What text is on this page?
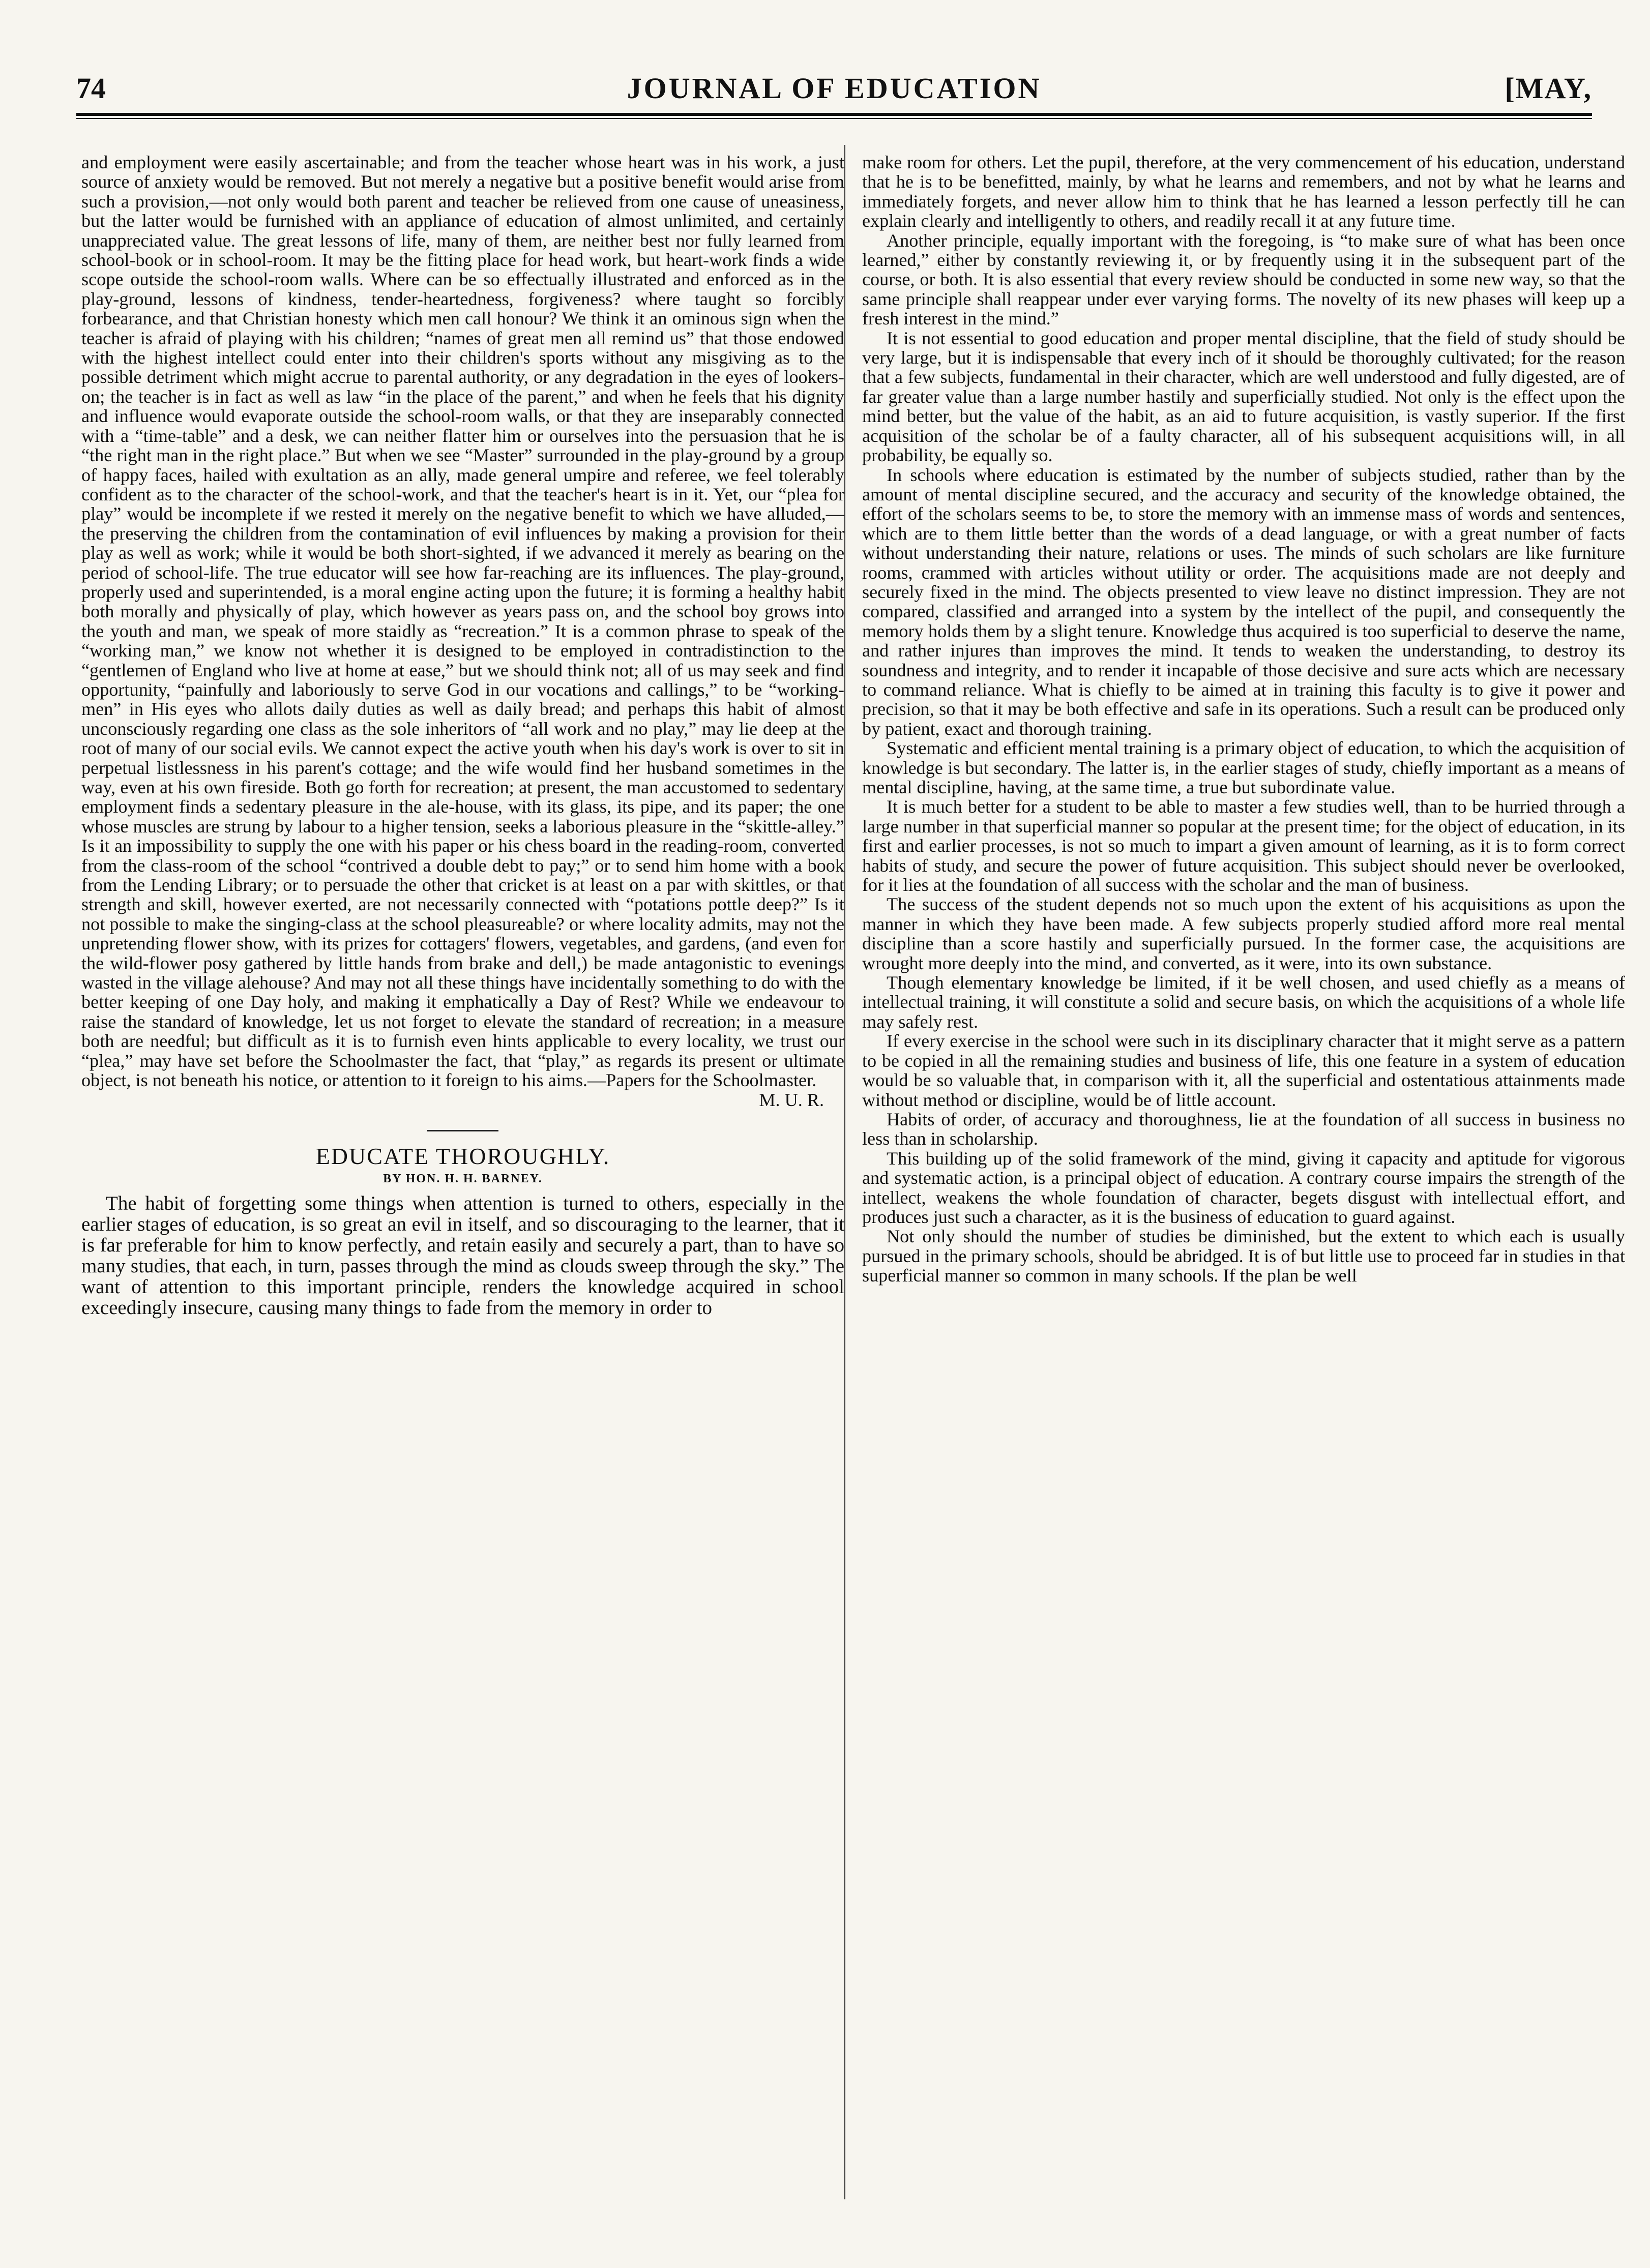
74	JOURNAL OF EDUCATION	[MAY,

and employment were easily ascertainable; and from the teacher whose heart was in his work, a just source of anxiety would be removed. But not merely a negative but a positive benefit would arise from such a provision,—not only would both parent and teacher be relieved from one cause of uneasiness, but the latter would be furnished with an appliance of education of almost unlimited, and certainly unappreciated value. The great lessons of life, many of them, are neither best nor fully learned from school-book or in school-room. It may be the fitting place for head work, but heart-work finds a wide scope outside the school-room walls. Where can be so effectually illustrated and enforced as in the play-ground, lessons of kindness, tender-heartedness, forgiveness? where taught so forcibly forbearance, and that Christian honesty which men call honour? We think it an ominous sign when the teacher is afraid of playing with his children; “names of great men all remind us” that those endowed with the highest intellect could enter into their children's sports without any misgiving as to the possible detriment which might accrue to parental authority, or any degradation in the eyes of lookers-on; the teacher is in fact as well as law “in the place of the parent,” and when he feels that his dignity and influence would evaporate outside the school-room walls, or that they are inseparably connected with a “time-table” and a desk, we can neither flatter him or ourselves into the persuasion that he is “the right man in the right place.” But when we see “Master” surrounded in the play-ground by a group of happy faces, hailed with exultation as an ally, made general umpire and referee, we feel tolerably confident as to the character of the school-work, and that the teacher's heart is in it. Yet, our “plea for play” would be incomplete if we rested it merely on the negative benefit to which we have alluded,—the preserving the children from the contamination of evil influences by making a provision for their play as well as work; while it would be both short-sighted, if we advanced it merely as bearing on the period of school-life. The true educator will see how far-reaching are its influences. The play-ground, properly used and superintended, is a moral engine acting upon the future; it is forming a healthy habit both morally and physically of play, which however as years pass on, and the school boy grows into the youth and man, we speak of more staidly as “recreation.” It is a common phrase to speak of the “working man,” we know not whether it is designed to be employed in contradistinction to the “gentlemen of England who live at home at ease,” but we should think not; all of us may seek and find opportunity, “painfully and laboriously to serve God in our vocations and callings,” to be “working-men” in His eyes who allots daily duties as well as daily bread; and perhaps this habit of almost unconsciously regarding one class as the sole inheritors of “all work and no play,” may lie deep at the root of many of our social evils. We cannot expect the active youth when his day's work is over to sit in perpetual listlessness in his parent's cottage; and the wife would find her husband sometimes in the way, even at his own fireside. Both go forth for recreation; at present, the man accustomed to sedentary employment finds a sedentary pleasure in the ale-house, with its glass, its pipe, and its paper; the one whose muscles are strung by labour to a higher tension, seeks a laborious pleasure in the “skittle-alley.” Is it an impossibility to supply the one with his paper or his chess board in the reading-room, converted from the class-room of the school “contrived a double debt to pay;” or to send him home with a book from the Lending Library; or to persuade the other that cricket is at least on a par with skittles, or that strength and skill, however exerted, are not necessarily connected with “potations pottle deep?” Is it not possible to make the singing-class at the school pleasureable? or where locality admits, may not the unpretending flower show, with its prizes for cottagers' flowers, vegetables, and gardens, (and even for the wild-flower posy gathered by little hands from brake and dell,) be made antagonistic to evenings wasted in the village alehouse? And may not all these things have incidentally something to do with the better keeping of one Day holy, and making it emphatically a Day of Rest? While we endeavour to raise the standard of knowledge, let us not forget to elevate the standard of recreation; in a measure both are needful; but difficult as it is to furnish even hints applicable to every locality, we trust our “plea,” may have set before the Schoolmaster the fact, that “play,” as regards its present or ultimate object, is not beneath his notice, or attention to it foreign to his aims.—Papers for the Schoolmaster.

M. U. R.

EDUCATE THOROUGHLY.

BY HON. H. H. BARNEY.

The habit of forgetting some things when attention is turned to others, especially in the earlier stages of education, is so great an evil in itself, and so discouraging to the learner, that it is far preferable for him to know perfectly, and retain easily and securely a part, than to have so many studies, that each, in turn, passes through the mind as clouds sweep through the sky.” The want of attention to this important principle, renders the knowledge acquired in school exceedingly insecure, causing many things to fade from the memory in order to

make room for others. Let the pupil, therefore, at the very commencement of his education, understand that he is to be benefitted, mainly, by what he learns and remembers, and not by what he learns and immediately forgets, and never allow him to think that he has learned a lesson perfectly till he can explain clearly and intelligently to others, and readily recall it at any future time.

Another principle, equally important with the foregoing, is “to make sure of what has been once learned,” either by constantly reviewing it, or by frequently using it in the subsequent part of the course, or both. It is also essential that every review should be conducted in some new way, so that the same principle shall reappear under ever varying forms. The novelty of its new phases will keep up a fresh interest in the mind.”

It is not essential to good education and proper mental discipline, that the field of study should be very large, but it is indispensable that every inch of it should be thoroughly cultivated; for the reason that a few subjects, fundamental in their character, which are well understood and fully digested, are of far greater value than a large number hastily and superficially studied. Not only is the effect upon the mind better, but the value of the habit, as an aid to future acquisition, is vastly superior. If the first acquisition of the scholar be of a faulty character, all of his subsequent acquisitions will, in all probability, be equally so.

In schools where education is estimated by the number of subjects studied, rather than by the amount of mental discipline secured, and the accuracy and security of the knowledge obtained, the effort of the scholars seems to be, to store the memory with an immense mass of words and sentences, which are to them little better than the words of a dead language, or with a great number of facts without understanding their nature, relations or uses. The minds of such scholars are like furniture rooms, crammed with articles without utility or order. The acquisitions made are not deeply and securely fixed in the mind. The objects presented to view leave no distinct impression. They are not compared, classified and arranged into a system by the intellect of the pupil, and consequently the memory holds them by a slight tenure. Knowledge thus acquired is too superficial to deserve the name, and rather injures than improves the mind. It tends to weaken the understanding, to destroy its soundness and integrity, and to render it incapable of those decisive and sure acts which are necessary to command reliance. What is chiefly to be aimed at in training this faculty is to give it power and precision, so that it may be both effective and safe in its operations. Such a result can be produced only by patient, exact and thorough training.

Systematic and efficient mental training is a primary object of education, to which the acquisition of knowledge is but secondary. The latter is, in the earlier stages of study, chiefly important as a means of mental discipline, having, at the same time, a true but subordinate value.

It is much better for a student to be able to master a few studies well, than to be hurried through a large number in that superficial manner so popular at the present time; for the object of education, in its first and earlier processes, is not so much to impart a given amount of learning, as it is to form correct habits of study, and secure the power of future acquisition. This subject should never be overlooked, for it lies at the foundation of all success with the scholar and the man of business.

The success of the student depends not so much upon the extent of his acquisitions as upon the manner in which they have been made. A few subjects properly studied afford more real mental discipline than a score hastily and superficially pursued. In the former case, the acquisitions are wrought more deeply into the mind, and converted, as it were, into its own substance.

Though elementary knowledge be limited, if it be well chosen, and used chiefly as a means of intellectual training, it will constitute a solid and secure basis, on which the acquisitions of a whole life may safely rest.

If every exercise in the school were such in its disciplinary character that it might serve as a pattern to be copied in all the remaining studies and business of life, this one feature in a system of education would be so valuable that, in comparison with it, all the superficial and ostentatious attainments made without method or discipline, would be of little account.

Habits of order, of accuracy and thoroughness, lie at the foundation of all success in business no less than in scholarship.

This building up of the solid framework of the mind, giving it capacity and aptitude for vigorous and systematic action, is a principal object of education. A contrary course impairs the strength of the intellect, weakens the whole foundation of character, begets disgust with intellectual effort, and produces just such a character, as it is the business of education to guard against.

Not only should the number of studies be diminished, but the extent to which each is usually pursued in the primary schools, should be abridged. It is of but little use to proceed far in studies in that superficial manner so common in many schools. If the plan be well
